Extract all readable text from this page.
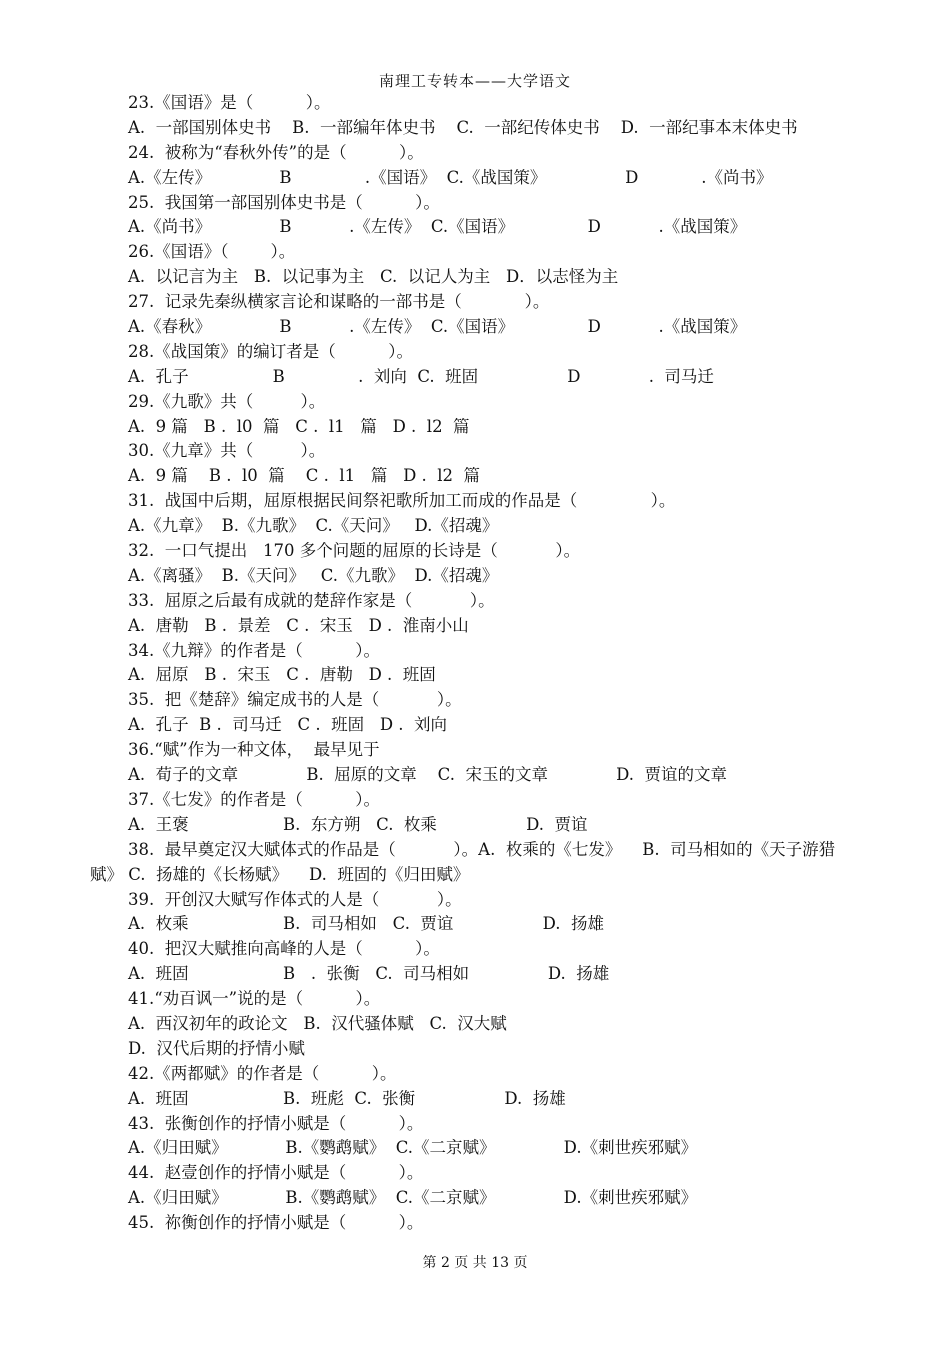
南理工专转本——大学语文
23.《国语》是（          ）。
A.  一部国别体史书    B.  一部编年体史书    C.  一部纪传体史书    D.  一部纪事本末体史书
24.  被称为“春秋外传”的是（          ）。
A.《左传》             B              .《国语》  C.《战国策》               D            .《尚书》
25.  我国第一部国别体史书是（          ）。
A.《尚书》             B           .《左传》  C.《国语》              D           .《战国策》
26.《国语》（        ）。
A.  以记言为主   B.  以记事为主   C.  以记人为主   D．以志怪为主
27.  记录先秦纵横家言论和谋略的一部书是（            ）。
A.《春秋》             B           .《左传》  C.《国语》              D           .《战国策》
28.《战国策》的编订者是（          ）。
A.  孔子                B              .  刘向  C.  班固                 D             .  司马迁
29.《九歌》共（         ）。
A.  9 篇   B .  l0  篇   C .  l1   篇   D .  l2  篇
30.《九章》共（         ）。
A.  9 篇    B .  l0  篇    C .  l1   篇   D .  l2  篇
31.  战国中后期，屈原根据民间祭祀歌所加工而成的作品是（              ）。
A.《九章》  B.《九歌》  C.《天问》   D.《招魂》
32.  一口气提出   170 多个问题的屈原的长诗是（           ）。
A.《离骚》  B.《天问》   C.《九歌》  D.《招魂》
33.  屈原之后最有成就的楚辞作家是（           ）。
A.  唐勒   B .  景差   C .  宋玉   D .  淮南小山
34.《九辩》的作者是（          ）。
A.  屈原   B .  宋玉   C .  唐勒   D .  班固
35.  把《楚辞》编定成书的人是（           ）。
A.  孔子  B .  司马迁   C .  班固   D .  刘向
36.“赋”作为一种文体，  最早见于
A.  荀子的文章             B.  屈原的文章    C.  宋玉的文章             D.  贾谊的文章
37.《七发》的作者是（          ）。
A.  王褒                  B.  东方朔   C.  枚乘                 D.  贾谊
38.  最早奠定汉大赋体式的作品是（           ）。A.  枚乘的《七发》    B.  司马相如的《天子游猎
赋》 C.  扬雄的《长杨赋》    D.  班固的《归田赋》
39.  开创汉大赋写作体式的人是（           ）。
A.  枚乘                  B.  司马相如   C.  贾谊                 D.  扬雄
40.  把汉大赋推向高峰的人是（          ）。
A.  班固                  B   .  张衡   C.  司马相如               D.  扬雄
41.“劝百讽一”说的是（          ）。
A.  西汉初年的政论文   B.  汉代骚体赋   C.  汉大赋
D.  汉代后期的抒情小赋
42.《两都赋》的作者是（          ）。
A.  班固                  B.  班彪  C.  张衡                 D.  扬雄
43.  张衡创作的抒情小赋是（          ）。
A.《归田赋》           B.《鹦鹉赋》  C.《二京赋》             D.《刺世疾邪赋》
44.  赵壹创作的抒情小赋是（          ）。
A.《归田赋》           B.《鹦鹉赋》  C.《二京赋》             D.《刺世疾邪赋》
45.  祢衡创作的抒情小赋是（          ）。
第 2 页 共 13 页
